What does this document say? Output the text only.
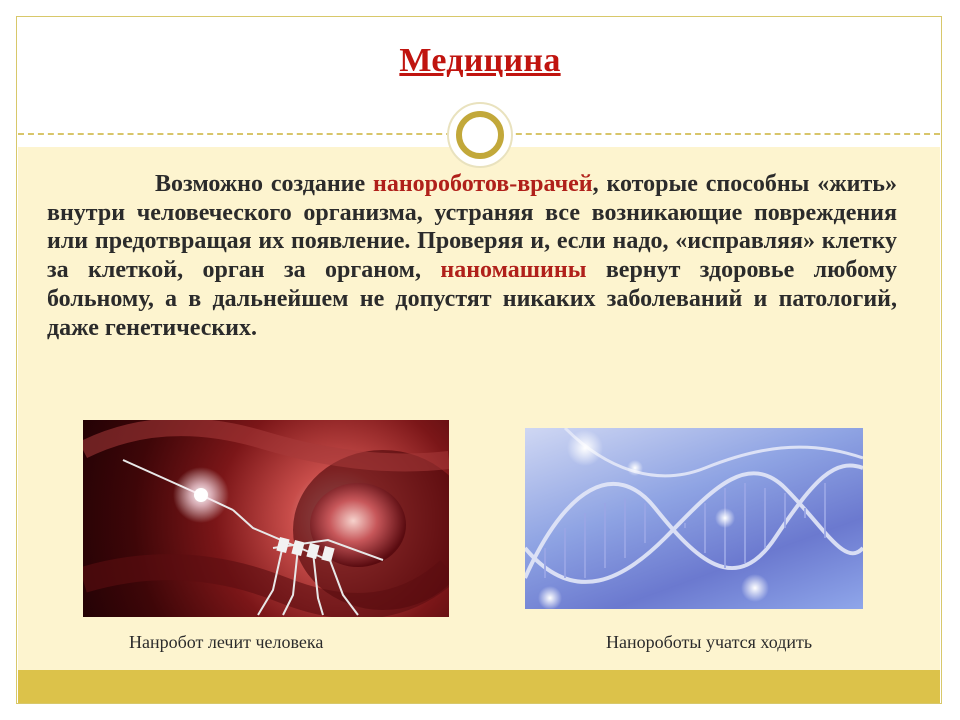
Медицина

Возможно создание нанороботов-врачей, которые способны «жить» внутри человеческого организма, устраняя все возникающие повреждения или предотвращая их появление. Проверяя и, если надо, «исправляя» клетку за клеткой, орган за органом, наномашины вернут здоровье любому больному, а в дальнейшем не допустят никаких заболеваний и патологий, даже генетических.

Нанробот лечит человека	Нанороботы учатся ходить
